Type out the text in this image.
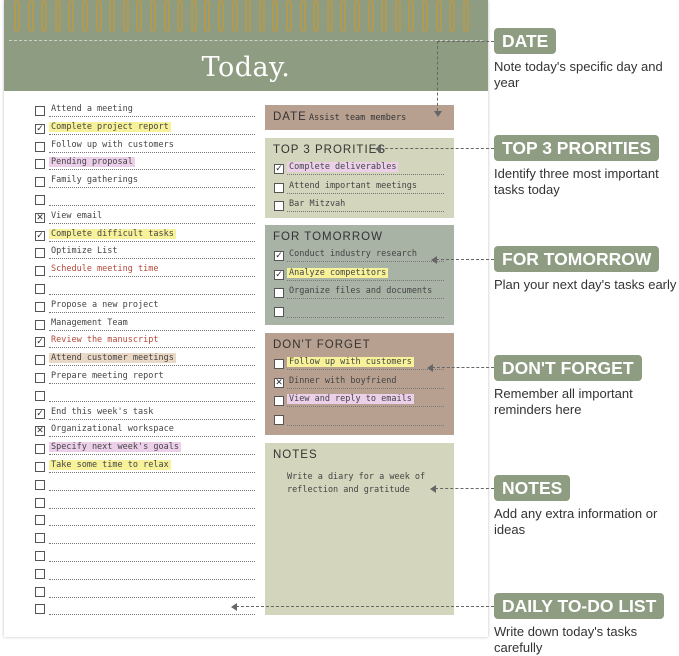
Today.
Attend a meeting
✓ Complete project report
Follow up with customers
Pending proposal
Family gatherings
✕ View email
✓ Complete difficult tasks
Optimize List
Schedule meeting time
Propose a new project
Management Team
✓ Review the manuscript
Attend customer meetings
Prepare meeting report
✓ End this week's task
✕ Organizational workspace
Specify next week's goals
Take some time to relax
DATE Assist team members
TOP 3 PRORITIES
✓ Complete deliverables
Attend important meetings
Bar Mitzvah
FOR TOMORROW
✓ Conduct industry research
✓ Analyze competitors
Organize files and documents
DON'T FORGET
Follow up with customers
✕ Dinner with boyfriend
View and reply to emails
NOTES
Write a diary for a week of reflection and gratitude
DATE
Note today's specific day and year
TOP 3 PRORITIES
Identify three most important tasks today
FOR TOMORROW
Plan your next day's tasks early
DON'T FORGET
Remember all important reminders here
NOTES
Add any extra information or ideas
DAILY TO-DO LIST
Write down today's tasks carefully
